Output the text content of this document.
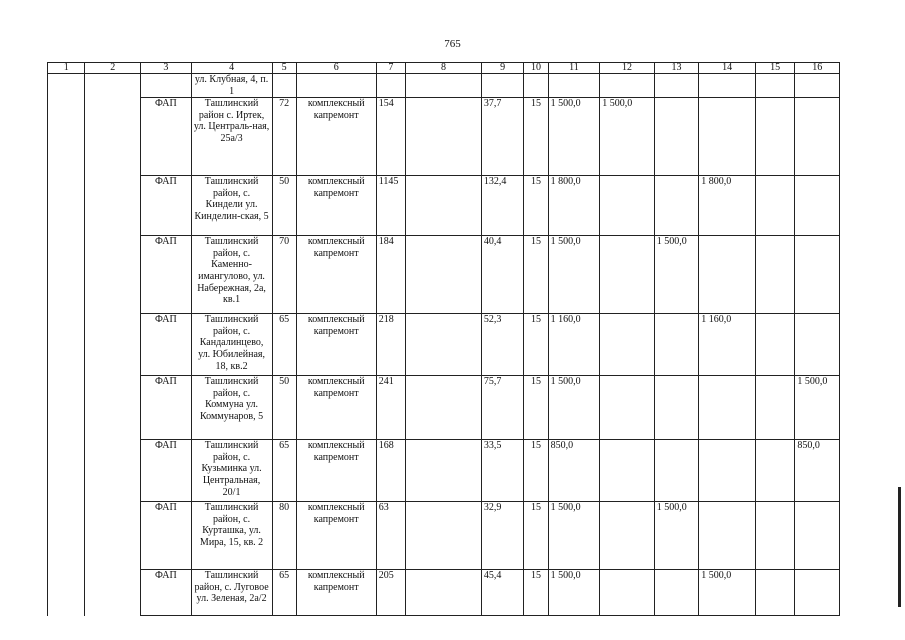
765
1	2	3	4	5	6	7	8	9	10	11	12	13	14	15	16
			ул. Клубная, 4, п. 1												
		ФАП	Ташлинский район с. Иртек, ул. Централь-ная, 25а/3	72	комплексный капремонт	154		37,7	15	1 500,0	1 500,0				
		ФАП	Ташлинский район, с. Киндели ул. Кинделин-ская, 5	50	комплексный капремонт	1145		132,4	15	1 800,0			1 800,0		
		ФАП	Ташлинский район, с. Каменно-имангулово, ул. Набережная, 2а, кв.1	70	комплексный капремонт	184		40,4	15	1 500,0		1 500,0			
		ФАП	Ташлинский район, с. Кандалинцево, ул. Юбилейная, 18, кв.2	65	комплексный капремонт	218		52,3	15	1 160,0			1 160,0		
		ФАП	Ташлинский район, с. Коммуна ул. Коммунаров, 5	50	комплексный капремонт	241		75,7	15	1 500,0					1 500,0
		ФАП	Ташлинский район, с. Кузьминка ул. Центральная, 20/1	65	комплексный капремонт	168		33,5	15	850,0					850,0
		ФАП	Ташлинский район, с. Курташка, ул. Мира, 15, кв. 2	80	комплексный капремонт	63		32,9	15	1 500,0		1 500,0			
		ФАП	Ташлинский район, с. Луговое ул. Зеленая, 2а/2	65	комплексный капремонт	205		45,4	15	1 500,0			1 500,0		
